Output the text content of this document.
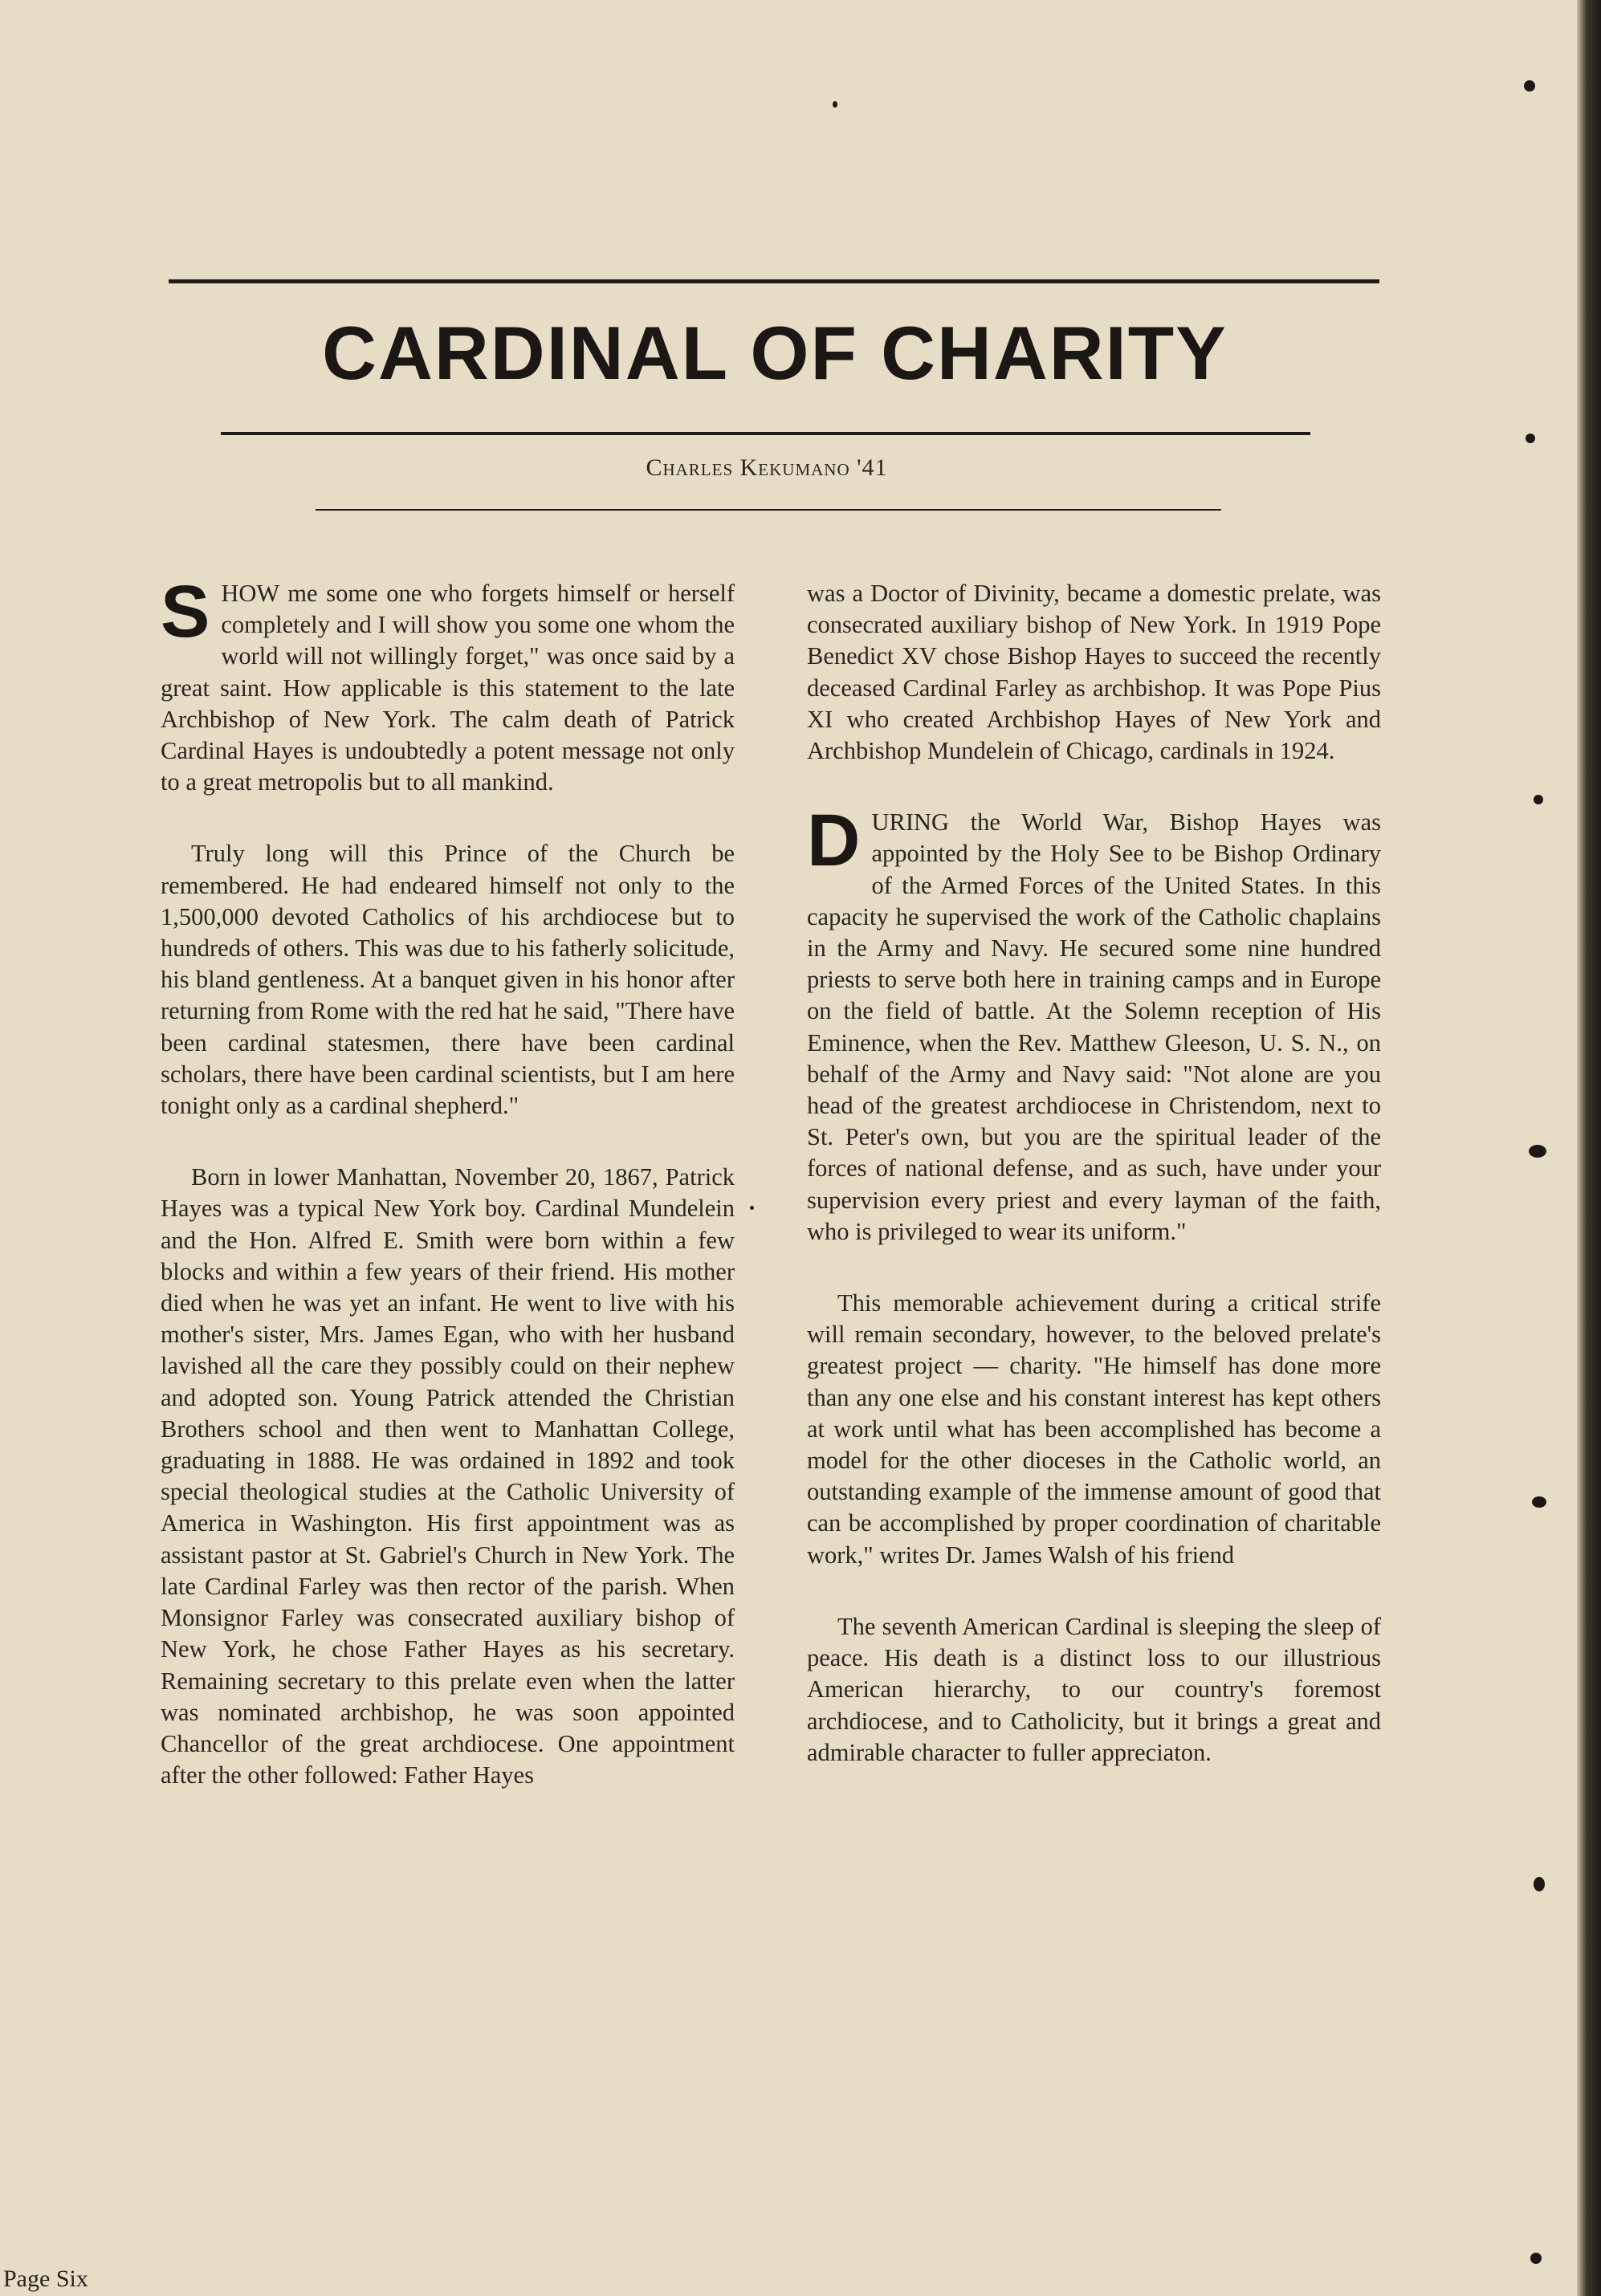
CARDINAL OF CHARITY
Charles Kekumano '41

SHOW me some one who forgets himself or herself completely and I will show you some one whom the world will not willingly forget," was once said by a great saint. How applicable is this statement to the late Archbishop of New York. The calm death of Patrick Cardinal Hayes is undoubtedly a potent message not only to a great metropolis but to all mankind.

Truly long will this Prince of the Church be remembered. He had endeared himself not only to the 1,500,000 devoted Catholics of his archdiocese but to hundreds of others. This was due to his fatherly solicitude, his bland gentleness. At a banquet given in his honor after returning from Rome with the red hat he said, "There have been cardinal statesmen, there have been cardinal scholars, there have been cardinal scientists, but I am here tonight only as a cardinal shepherd."

Born in lower Manhattan, November 20, 1867, Patrick Hayes was a typical New York boy. Cardinal Mundelein and the Hon. Alfred E. Smith were born within a few blocks and within a few years of their friend. His mother died when he was yet an infant. He went to live with his mother's sister, Mrs. James Egan, who with her husband lavished all the care they possibly could on their nephew and adopted son. Young Patrick attended the Christian Brothers school and then went to Manhattan College, graduating in 1888. He was ordained in 1892 and took special theological studies at the Catholic University of America in Washington. His first appointment was as assistant pastor at St. Gabriel's Church in New York. The late Cardinal Farley was then rector of the parish. When Monsignor Farley was consecrated auxiliary bishop of New York, he chose Father Hayes as his secretary. Remaining secretary to this prelate even when the latter was nominated archbishop, he was soon appointed Chancellor of the great archdiocese. One appointment after the other followed: Father Hayes

was a Doctor of Divinity, became a domestic prelate, was consecrated auxiliary bishop of New York. In 1919 Pope Benedict XV chose Bishop Hayes to succeed the recently deceased Cardinal Farley as archbishop. It was Pope Pius XI who created Archbishop Hayes of New York and Archbishop Mundelein of Chicago, cardinals in 1924.

DURING the World War, Bishop Hayes was appointed by the Holy See to be Bishop Ordinary of the Armed Forces of the United States. In this capacity he supervised the work of the Catholic chaplains in the Army and Navy. He secured some nine hundred priests to serve both here in training camps and in Europe on the field of battle. At the Solemn reception of His Eminence, when the Rev. Matthew Gleeson, U. S. N., on behalf of the Army and Navy said: "Not alone are you head of the greatest archdiocese in Christendom, next to St. Peter's own, but you are the spiritual leader of the forces of national defense, and as such, have under your supervision every priest and every layman of the faith, who is privileged to wear its uniform."

This memorable achievement during a critical strife will remain secondary, however, to the beloved prelate's greatest project — charity. "He himself has done more than any one else and his constant interest has kept others at work until what has been accomplished has become a model for the other dioceses in the Catholic world, an outstanding example of the immense amount of good that can be accomplished by proper coordination of charitable work," writes Dr. James Walsh of his friend

The seventh American Cardinal is sleeping the sleep of peace. His death is a distinct loss to our illustrious American hierarchy, to our country's foremost archdiocese, and to Catholicity, but it brings a great and admirable character to fuller appreciaton.

Page Six
